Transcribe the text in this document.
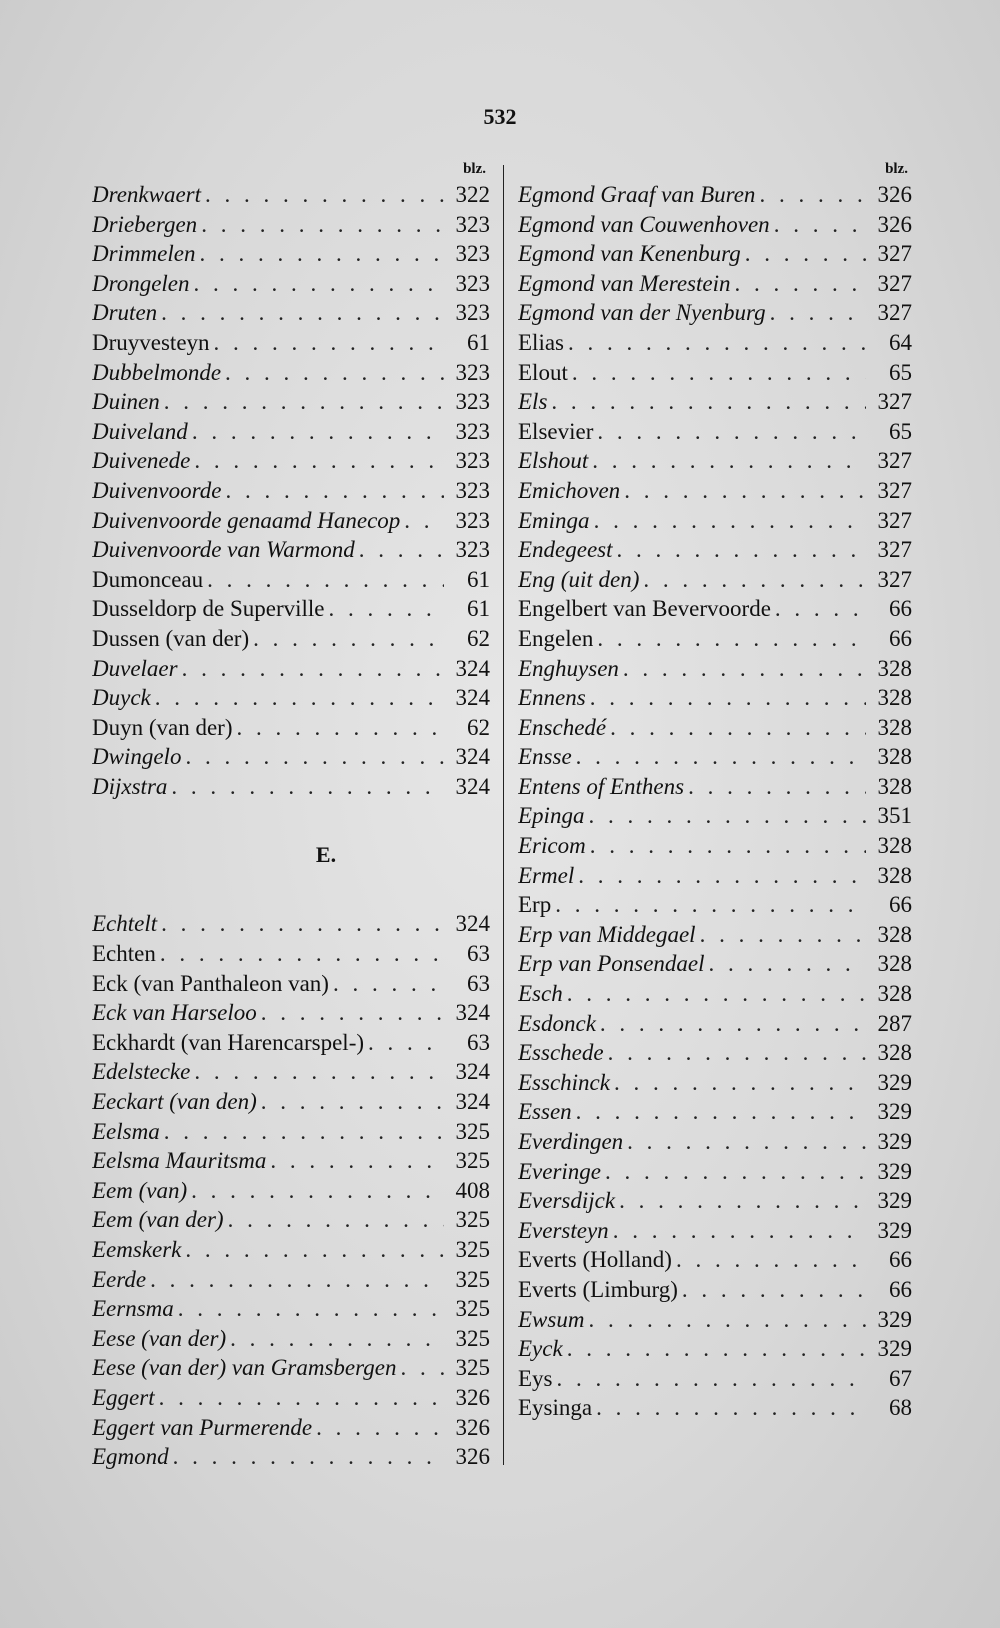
532
blz.
Drenkwaert . . .	322
Driebergen . . .	323
Drimmelen . . .	323
Drongelen . . .	323
Druten . . .	323
Druyvesteyn . . .	61
Dubbelmonde . . .	323
Duinen . . .	323
Duiveland . . .	323
Duivenede . . .	323
Duivenvoorde . . .	323
Duivenvoorde genaamd Hanecop . . .	323
Duivenvoorde van Warmond . . .	323
Dumonceau . . .	61
Dusseldorp de Superville . . .	61
Dussen (van der) . . .	62
Duvelaer . . .	324
Duyck . . .	324
Duyn (van der) . . .	62
Dwingelo . . .	324
Dijxstra . . .	324
E.
Echtelt . . .	324
Echten . . .	63
Eck (van Panthaleon van) . . .	63
Eck van Harseloo . . .	324
Eckhardt (van Harencarspel-) . . .	63
Edelstecke . . .	324
Eeckart (van den) . . .	324
Eelsma . . .	325
Eelsma Mauritsma . . .	325
Eem (van) . . .	408
Eem (van der) . . .	325
Eemskerk . . .	325
Eerde . . .	325
Eernsma . . .	325
Eese (van der) . . .	325
Eese (van der) van Gramsbergen . . .	325
Eggert . . .	326
Eggert van Purmerende . . .	326
Egmond . . .	326
blz.
Egmond Graaf van Buren . . .	326
Egmond van Couwenhoven . . .	326
Egmond van Kenenburg . . .	327
Egmond van Merestein . . .	327
Egmond van der Nyenburg . . .	327
Elias . . .	64
Elout . . .	65
Els . . .	327
Elsevier . . .	65
Elshout . . .	327
Emichoven . . .	327
Eminga . . .	327
Endegeest . . .	327
Eng (uit den) . . .	327
Engelbert van Bevervoorde . . .	66
Engelen . . .	66
Enghuysen . . .	328
Ennens . . .	328
Enschedé . . .	328
Ensse . . .	328
Entens of Enthens . . .	328
Epinga . . .	351
Ericom . . .	328
Ermel . . .	328
Erp . . .	66
Erp van Middegael . . .	328
Erp van Ponsendael . . .	328
Esch . . .	328
Esdonck . . .	287
Esschede . . .	328
Esschinck . . .	329
Essen . . .	329
Everdingen . . .	329
Everinge . . .	329
Eversdijck . . .	329
Eversteyn . . .	329
Everts (Holland) . . .	66
Everts (Limburg) . . .	66
Ewsum . . .	329
Eyck . . .	329
Eys . . .	67
Eysinga . . .	68
